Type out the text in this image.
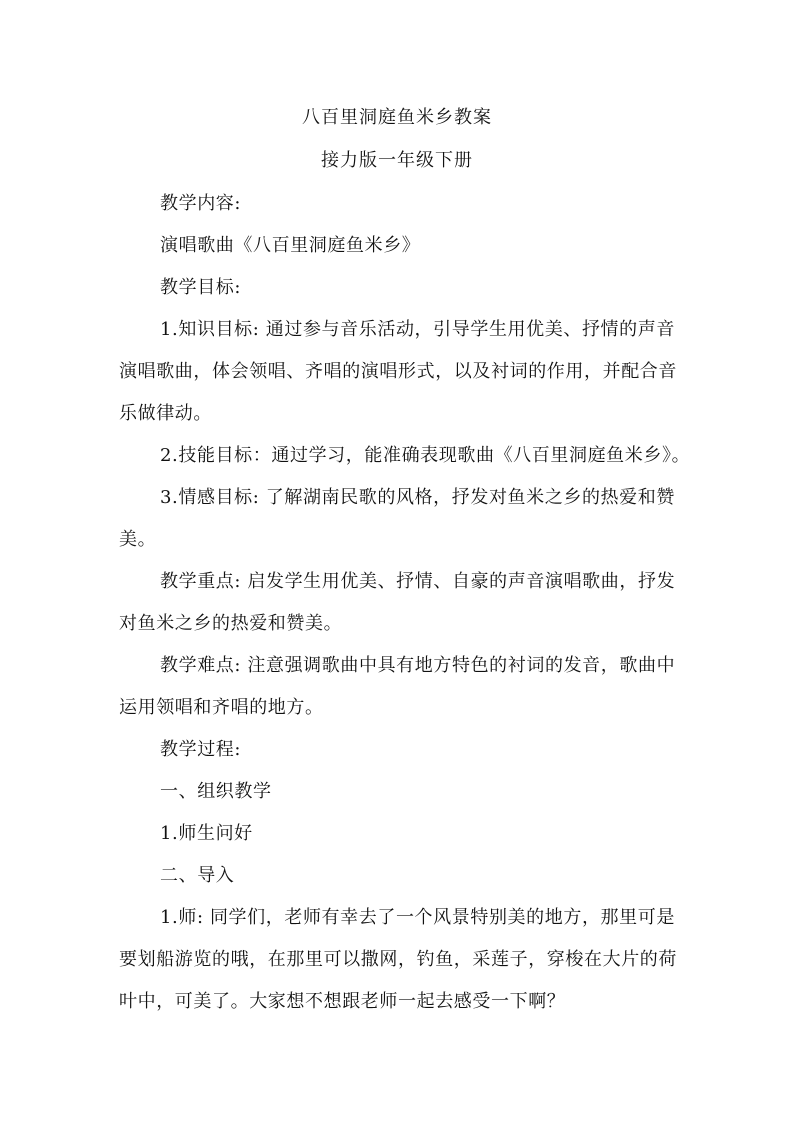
八百里洞庭鱼米乡教案
接力版一年级下册
教学内容:
演唱歌曲《八百里洞庭鱼米乡》
教学目标:
1.知识目标: 通过参与音乐活动，引导学生用优美、抒情的声音
演唱歌曲，体会领唱、齐唱的演唱形式，以及衬词的作用，并配合音
乐做律动。
2.技能目标：通过学习，能准确表现歌曲《八百里洞庭鱼米乡》。
3.情感目标: 了解湖南民歌的风格，抒发对鱼米之乡的热爱和赞
美。
教学重点: 启发学生用优美、抒情、自豪的声音演唱歌曲，抒发
对鱼米之乡的热爱和赞美。
教学难点: 注意强调歌曲中具有地方特色的衬词的发音，歌曲中
运用领唱和齐唱的地方。
教学过程:
一、组织教学
1.师生问好
二、导入
1.师: 同学们，老师有幸去了一个风景特别美的地方，那里可是
要划船游览的哦，在那里可以撒网，钓鱼，采莲子，穿梭在大片的荷
叶中，可美了。大家想不想跟老师一起去感受一下啊？
